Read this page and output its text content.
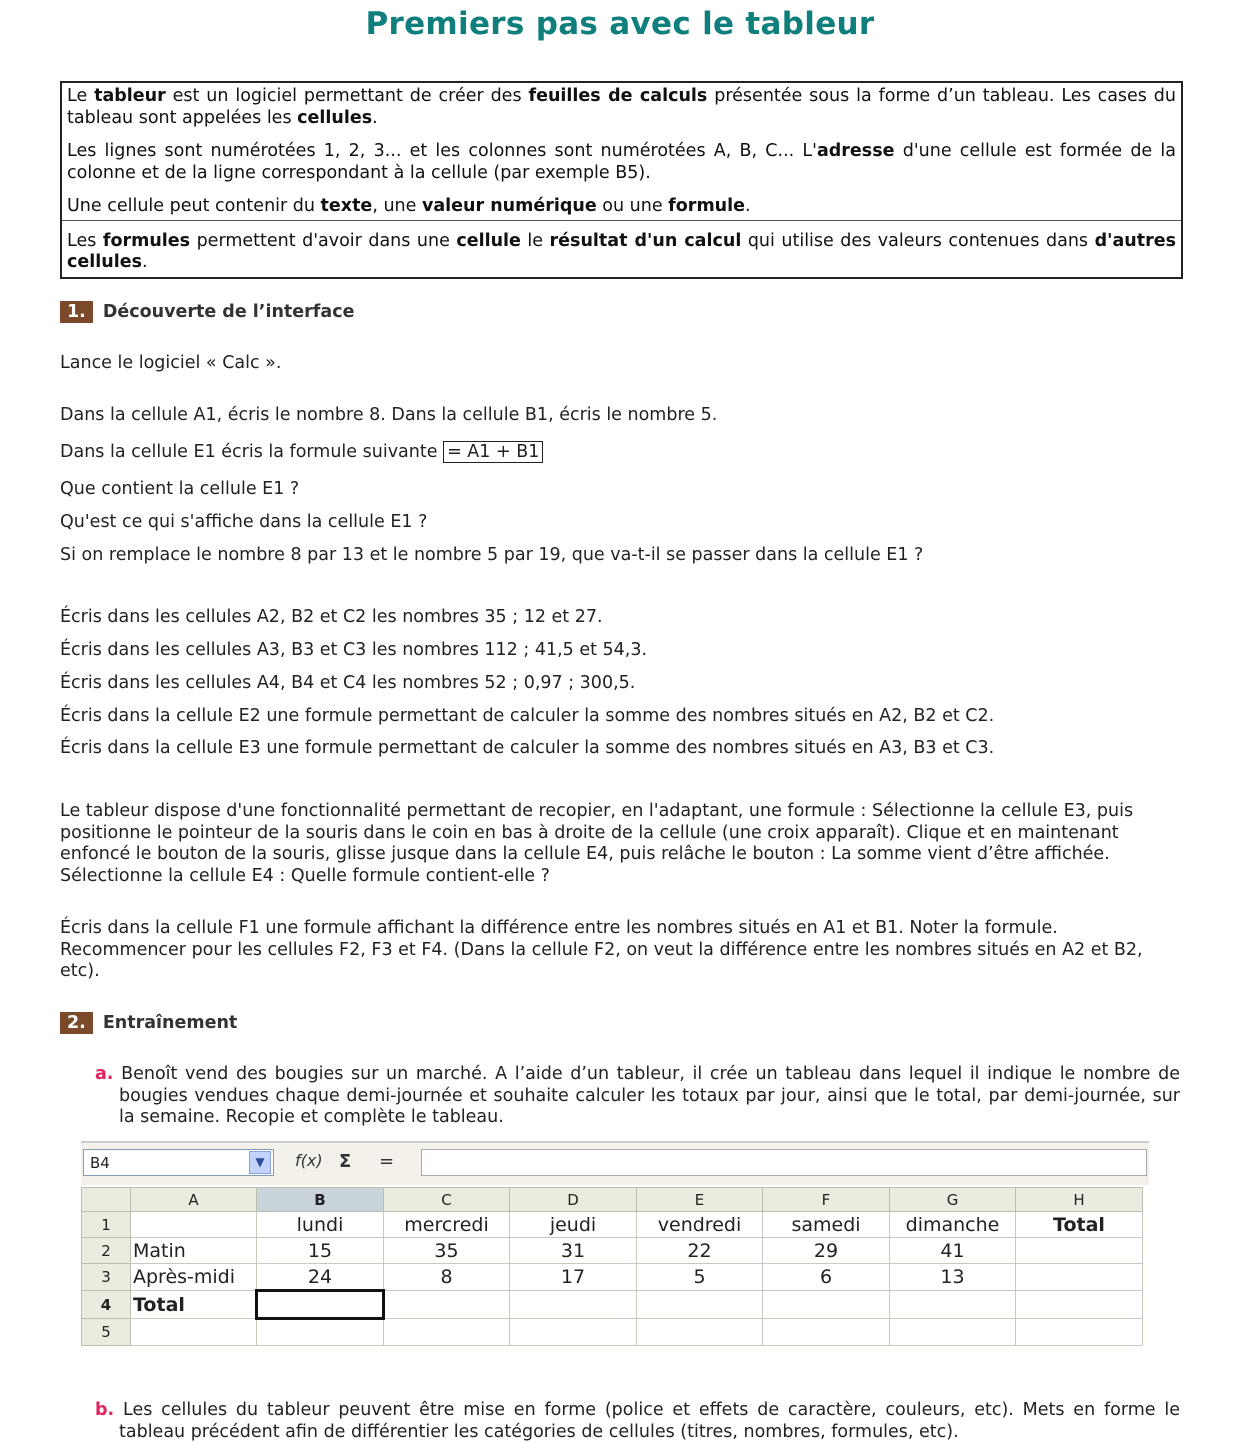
Premiers pas avec le tableur

Le tableur est un logiciel permettant de créer des feuilles de calculs présentée sous la forme d’un tableau. Les cases du tableau sont appelées les cellules.

Les lignes sont numérotées 1, 2, 3... et les colonnes sont numérotées A, B, C... L'adresse d'une cellule est formée de la colonne et de la ligne correspondant à la cellule (par exemple B5).

Une cellule peut contenir du texte, une valeur numérique ou une formule.

Les formules permettent d'avoir dans une cellule le résultat d'un calcul qui utilise des valeurs contenues dans d'autres cellules.

1. Découverte de l’interface
Lance le logiciel « Calc ».
Dans la cellule A1, écris le nombre 8. Dans la cellule B1, écris le nombre 5.
Dans la cellule E1 écris la formule suivante = A1 + B1
Que contient la cellule E1 ?
Qu'est ce qui s'affiche dans la cellule E1 ?
Si on remplace le nombre 8 par 13 et le nombre 5 par 19, que va-t-il se passer dans la cellule E1 ?
Écris dans les cellules A2, B2 et C2 les nombres 35 ; 12 et 27.
Écris dans les cellules A3, B3 et C3 les nombres 112 ; 41,5 et 54,3.
Écris dans les cellules A4, B4 et C4 les nombres 52 ; 0,97 ; 300,5.
Écris dans la cellule E2 une formule permettant de calculer la somme des nombres situés en A2, B2 et C2.
Écris dans la cellule E3 une formule permettant de calculer la somme des nombres situés en A3, B3 et C3.
Le tableur dispose d'une fonctionnalité permettant de recopier, en l'adaptant, une formule : Sélectionne la cellule E3, puis positionne le pointeur de la souris dans le coin en bas à droite de la cellule (une croix apparaît). Clique et en maintenant enfoncé le bouton de la souris, glisse jusque dans la cellule E4, puis relâche le bouton : La somme vient d’être affichée. Sélectionne la cellule E4 : Quelle formule contient-elle ?
Écris dans la cellule F1 une formule affichant la différence entre les nombres situés en A1 et B1. Noter la formule. Recommencer pour les cellules F2, F3 et F4. (Dans la cellule F2, on veut la différence entre les nombres situés en A2 et B2, etc).
2. Entraînement
a. Benoît vend des bougies sur un marché. A l’aide d’un tableur, il crée un tableau dans lequel il indique le nombre de bougies vendues chaque demi-journée et souhaite calculer les totaux par jour, ainsi que le total, par demi-journée, sur la semaine. Recopie et complète le tableau.
B4	▼	f(x) Σ =
	A	B	C	D	E	F	G	H
1		lundi	mercredi	jeudi	vendredi	samedi	dimanche	Total
2	Matin	15	35	31	22	29	41	
3	Après-midi	24	8	17	5	6	13	
4	Total							
5								
b. Les cellules du tableur peuvent être mise en forme (police et effets de caractère, couleurs, etc). Mets en forme le tableau précédent afin de différentier les catégories de cellules (titres, nombres, formules, etc).
